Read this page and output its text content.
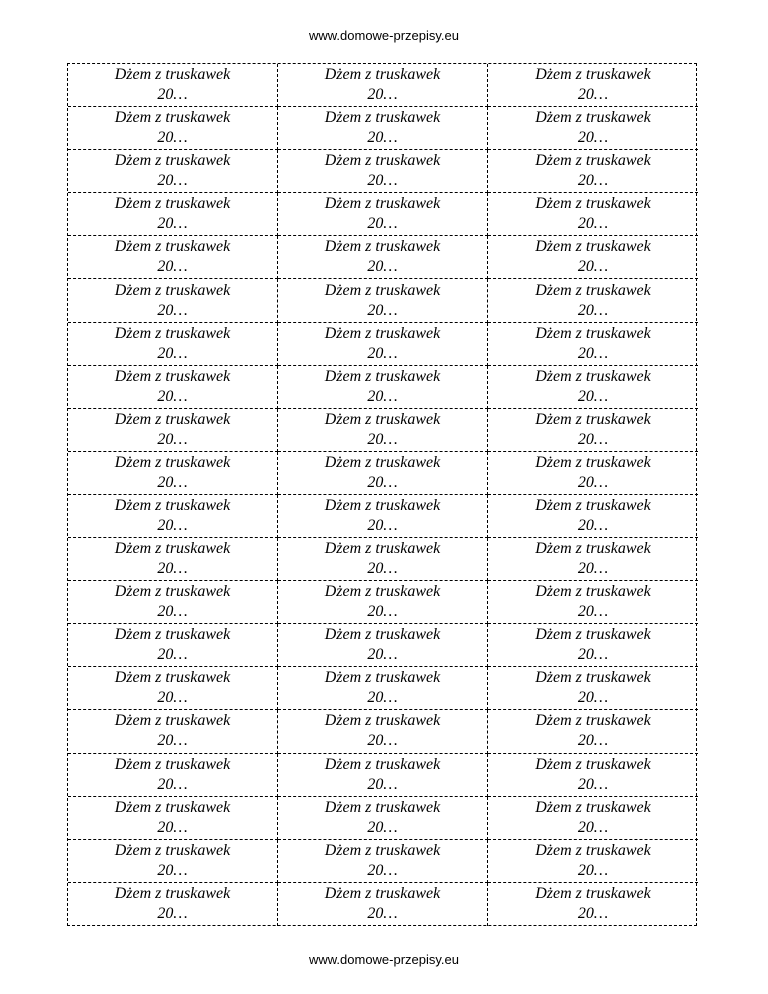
www.domowe-przepisy.eu
Dżem z truskawek
20…
Dżem z truskawek
20…
Dżem z truskawek
20…
Dżem z truskawek
20…
Dżem z truskawek
20…
Dżem z truskawek
20…
Dżem z truskawek
20…
Dżem z truskawek
20…
Dżem z truskawek
20…
Dżem z truskawek
20…
Dżem z truskawek
20…
Dżem z truskawek
20…
Dżem z truskawek
20…
Dżem z truskawek
20…
Dżem z truskawek
20…
Dżem z truskawek
20…
Dżem z truskawek
20…
Dżem z truskawek
20…
Dżem z truskawek
20…
Dżem z truskawek
20…
Dżem z truskawek
20…
Dżem z truskawek
20…
Dżem z truskawek
20…
Dżem z truskawek
20…
Dżem z truskawek
20…
Dżem z truskawek
20…
Dżem z truskawek
20…
Dżem z truskawek
20…
Dżem z truskawek
20…
Dżem z truskawek
20…
Dżem z truskawek
20…
Dżem z truskawek
20…
Dżem z truskawek
20…
Dżem z truskawek
20…
Dżem z truskawek
20…
Dżem z truskawek
20…
Dżem z truskawek
20…
Dżem z truskawek
20…
Dżem z truskawek
20…
Dżem z truskawek
20…
Dżem z truskawek
20…
Dżem z truskawek
20…
Dżem z truskawek
20…
Dżem z truskawek
20…
Dżem z truskawek
20…
Dżem z truskawek
20…
Dżem z truskawek
20…
Dżem z truskawek
20…
Dżem z truskawek
20…
Dżem z truskawek
20…
Dżem z truskawek
20…
Dżem z truskawek
20…
Dżem z truskawek
20…
Dżem z truskawek
20…
Dżem z truskawek
20…
Dżem z truskawek
20…
Dżem z truskawek
20…
Dżem z truskawek
20…
Dżem z truskawek
20…
Dżem z truskawek
20…
www.domowe-przepisy.eu
